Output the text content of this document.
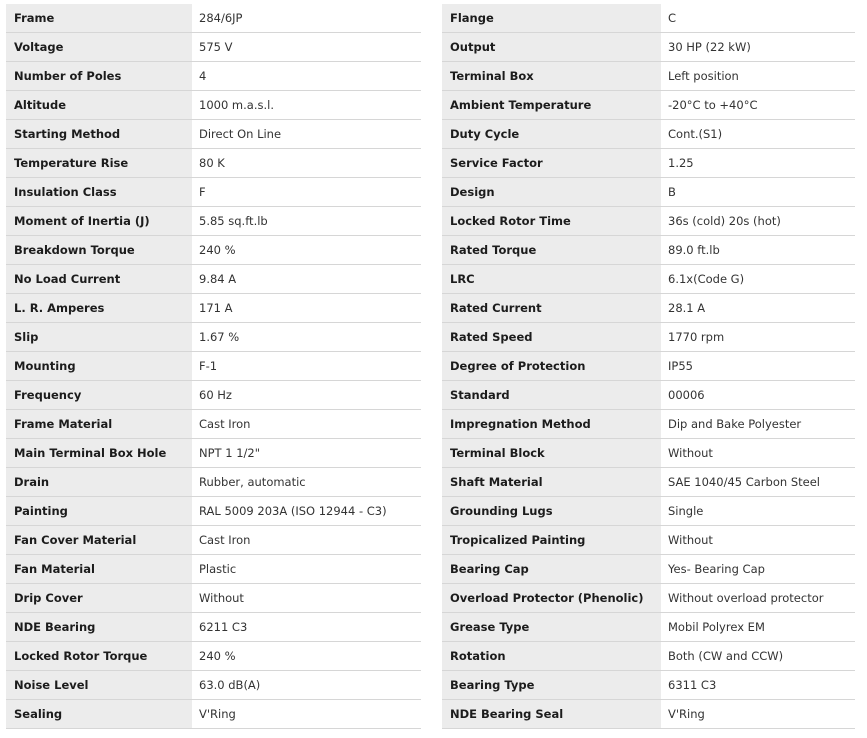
Frame	284/6JP
Voltage	575 V
Number of Poles	4
Altitude	1000 m.a.s.l.
Starting Method	Direct On Line
Temperature Rise	80 K
Insulation Class	F
Moment of Inertia (J)	5.85 sq.ft.lb
Breakdown Torque	240 %
No Load Current	9.84 A
L. R. Amperes	171 A
Slip	1.67 %
Mounting	F-1
Frequency	60 Hz
Frame Material	Cast Iron
Main Terminal Box Hole	NPT 1 1/2"
Drain	Rubber, automatic
Painting	RAL 5009 203A (ISO 12944 - C3)
Fan Cover Material	Cast Iron
Fan Material	Plastic
Drip Cover	Without
NDE Bearing	6211 C3
Locked Rotor Torque	240 %
Noise Level	63.0 dB(A)
Sealing	V'Ring
Flange	C
Output	30 HP (22 kW)
Terminal Box	Left position
Ambient Temperature	-20°C to +40°C
Duty Cycle	Cont.(S1)
Service Factor	1.25
Design	B
Locked Rotor Time	36s (cold) 20s (hot)
Rated Torque	89.0 ft.lb
LRC	6.1x(Code G)
Rated Current	28.1 A
Rated Speed	1770 rpm
Degree of Protection	IP55
Standard	00006
Impregnation Method	Dip and Bake Polyester
Terminal Block	Without
Shaft Material	SAE 1040/45 Carbon Steel
Grounding Lugs	Single
Tropicalized Painting	Without
Bearing Cap	Yes- Bearing Cap
Overload Protector (Phenolic)	Without overload protector
Grease Type	Mobil Polyrex EM
Rotation	Both (CW and CCW)
Bearing Type	6311 C3
NDE Bearing Seal	V'Ring
